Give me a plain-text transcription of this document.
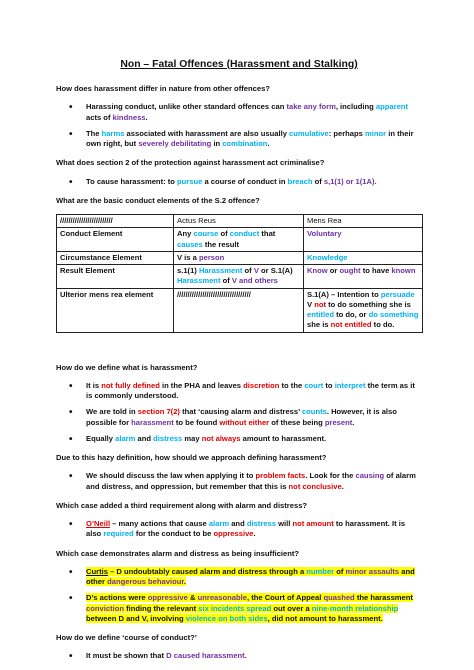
Non – Fatal Offences (Harassment and Stalking)
How does harassment differ in nature from other offences?
• Harassing conduct, unlike other standard offences can take any form, including apparent acts of kindness.
• The harms associated with harassment are also usually cumulative: perhaps minor in their own right, but severely debilitating in combination.
What does section 2 of the protection against harassment act criminalise?
• To cause harassment: to pursue a course of conduct in breach of s,1(1) or 1(1A).
What are the basic conduct elements of the S.2 offence?
/////////////////////////	Actus Reus	Mens Rea
Conduct Element	Any course of conduct that causes the result	Voluntary
Circumstance Element	V is a person	Knowledge
Result Element	s.1(1) Harassment of V or S.1(A) Harassment of V and others	Know or ought to have known
Ulterior mens rea element	///////////////////////////////////	S.1(A) – Intention to persuade V not to do something she is entitled to do, or do something she is not entitled to do.
How do we define what is harassment?
• It is not fully defined in the PHA and leaves discretion to the court to interpret the term as it is commonly understood.
• We are told in section 7(2) that ‘causing alarm and distress’ counts. However, it is also possible for harassment to be found without either of these being present.
• Equally alarm and distress may not always amount to harassment.
Due to this hazy definition, how should we approach defining harassment?
• We should discuss the law when applying it to problem facts. Look for the causing of alarm and distress, and oppression, but remember that this is not conclusive.
Which case added a third requirement along with alarm and distress?
• O’Neill – many actions that cause alarm and distress will not amount to harassment. It is also required for the conduct to be oppressive.
Which case demonstrates alarm and distress as being insufficient?
• Curtis – D undoubtably caused alarm and distress through a number of minor assaults and other dangerous behaviour.
• D’s actions were oppressive & unreasonable, the Court of Appeal quashed the harassment conviction finding the relevant six incidents spread out over a nine-month relationship between D and V, involving violence on both sides, did not amount to harassment.
How do we define ‘course of conduct?’
• It must be shown that D caused harassment.
